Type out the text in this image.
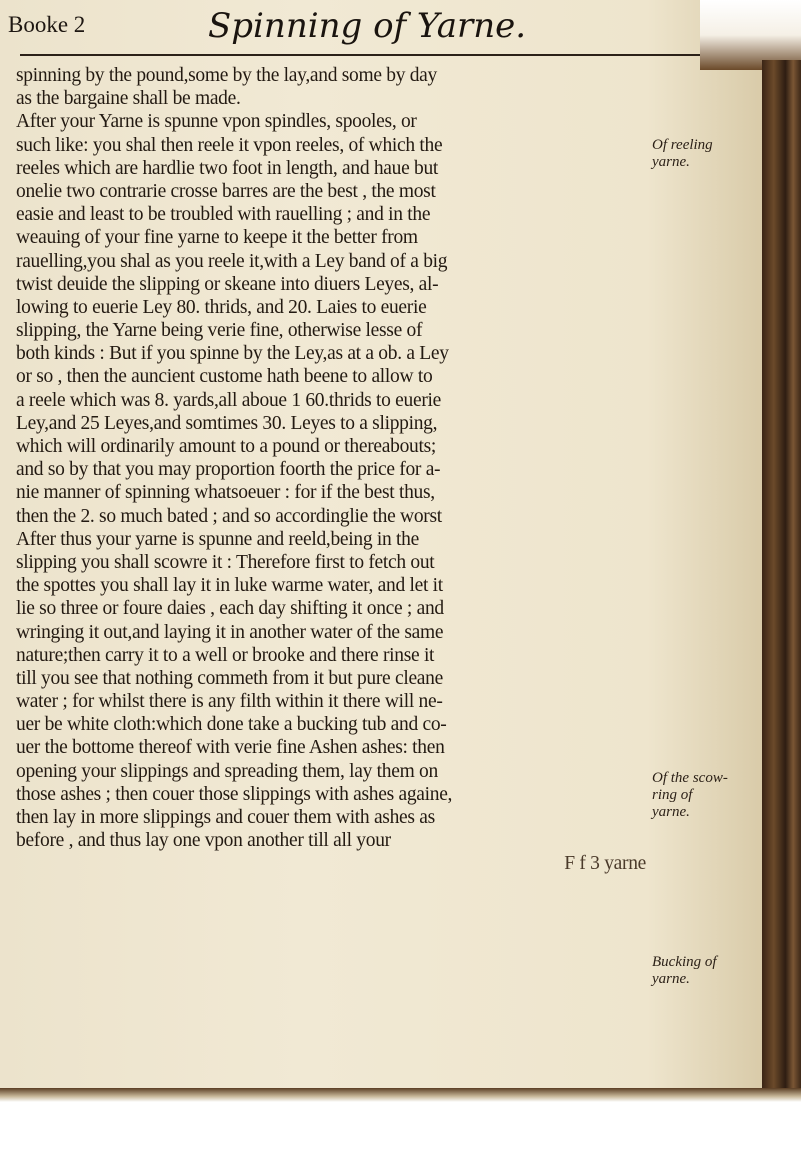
Booke 2	Spinning of Yarne.
spinning by the pound,some by the lay,and some by day
as the bargaine shall be made.
After your Yarne is spunne vpon spindles, spooles, or
such like: you shal then reele it vpon reeles, of which the
reeles which are hardlie two foot in length, and haue but
onelie two contrarie crosse barres are the best , the most
easie and least to be troubled with rauelling ; and in the
weauing of your fine yarne to keepe it the better from
rauelling,you shal as you reele it,with a Ley band of a big
twist deuide the slipping or skeane into diuers Leyes, al-
lowing to euerie Ley 80. thrids, and 20. Laies to euerie
slipping, the Yarne being verie fine, otherwise lesse of
both kinds : But if you spinne by the Ley,as at a ob. a Ley
or so , then the auncient custome hath beene to allow to
a reele which was 8. yards,all aboue 1 60.thrids to euerie
Ley,and 25 Leyes,and somtimes 30. Leyes to a slipping,
which will ordinarily amount to a pound or thereabouts;
and so by that you may proportion foorth the price for a-
nie manner of spinning whatsoeuer : for if the best thus,
then the 2. so much bated ; and so accordinglie the worst
After thus your yarne is spunne and reeld,being in the
slipping you shall scowre it : Therefore first to fetch out
the spottes you shall lay it in luke warme water, and let it
lie so three or foure daies , each day shifting it once ; and
wringing it out,and laying it in another water of the same
nature;then carry it to a well or brooke and there rinse it
till you see that nothing commeth from it but pure cleane
water ; for whilst there is any filth within it there will ne-
uer be white cloth:which done take a bucking tub and co-
uer the bottome thereof with verie fine Ashen ashes: then
opening your slippings and spreading them, lay them on
those ashes ; then couer those slippings with ashes againe,
then lay in more slippings and couer them with ashes as
before , and thus lay one vpon another till all your
F f 3 yarne
Of reeling
yarne.
Of the scow-
ring of
yarne.
Bucking of
yarne.
